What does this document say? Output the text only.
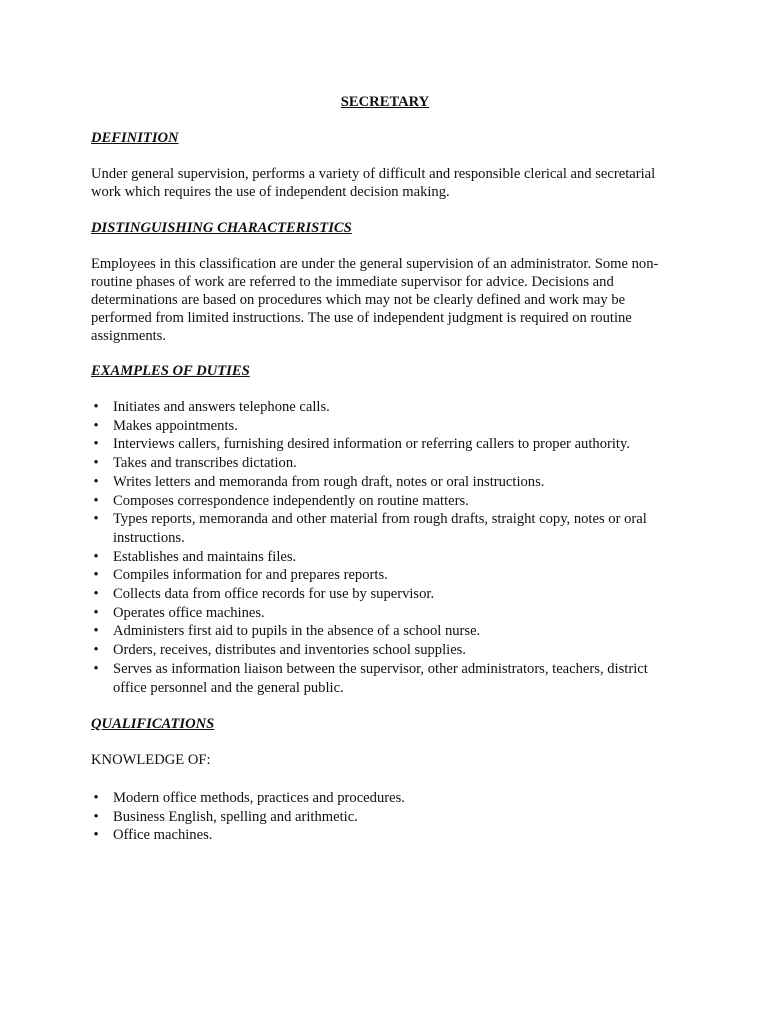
SECRETARY
DEFINITION

Under general supervision, performs a variety of difficult and responsible clerical and secretarial work which requires the use of independent decision making.

DISTINGUISHING CHARACTERISTICS

Employees in this classification are under the general supervision of an administrator. Some non-routine phases of work are referred to the immediate supervisor for advice. Decisions and determinations are based on procedures which may not be clearly defined and work may be performed from limited instructions. The use of independent judgment is required on routine assignments.

EXAMPLES OF DUTIES
• Initiates and answers telephone calls.
• Makes appointments.
• Interviews callers, furnishing desired information or referring callers to proper authority.
• Takes and transcribes dictation.
• Writes letters and memoranda from rough draft, notes or oral instructions.
• Composes correspondence independently on routine matters.
• Types reports, memoranda and other material from rough drafts, straight copy, notes or oral instructions.
• Establishes and maintains files.
• Compiles information for and prepares reports.
• Collects data from office records for use by supervisor.
• Operates office machines.
• Administers first aid to pupils in the absence of a school nurse.
• Orders, receives, distributes and inventories school supplies.
• Serves as information liaison between the supervisor, other administrators, teachers, district office personnel and the general public.
QUALIFICATIONS
KNOWLEDGE OF:
• Modern office methods, practices and procedures.
• Business English, spelling and arithmetic.
• Office machines.
